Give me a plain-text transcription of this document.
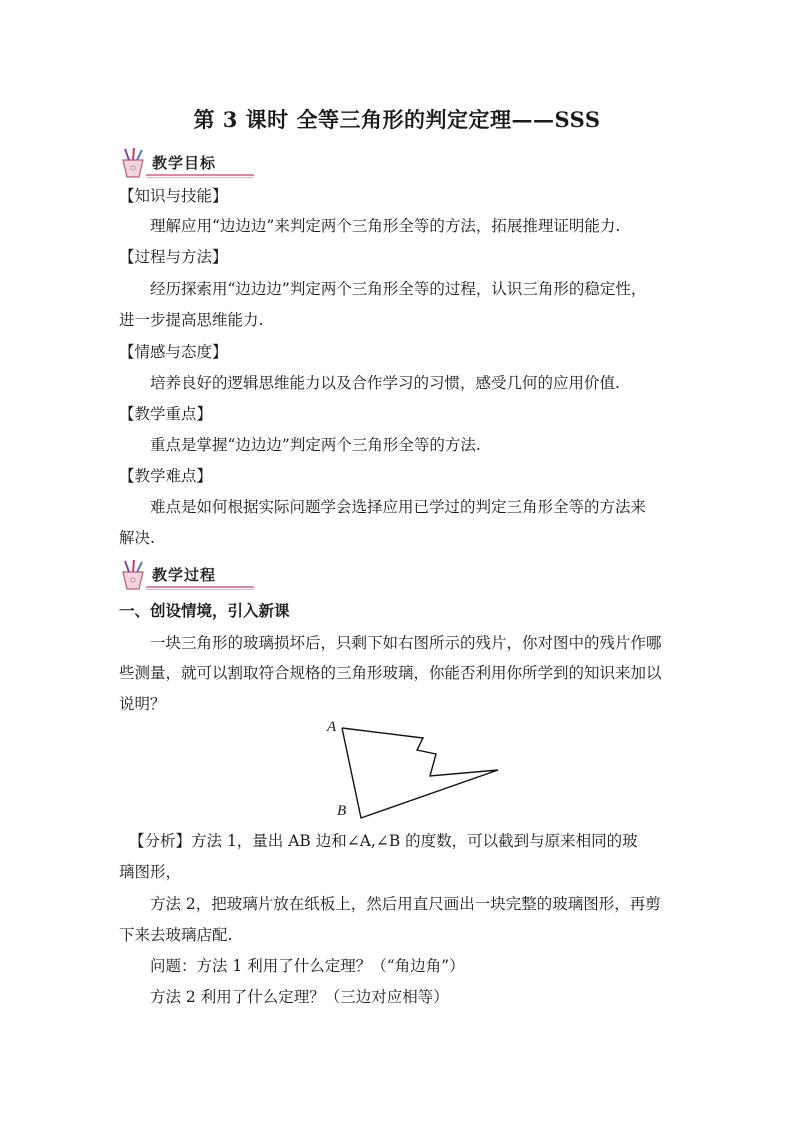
第 3 课时 全等三角形的判定定理——SSS
教学目标
【知识与技能】
理解应用“边边边”来判定两个三角形全等的方法，拓展推理证明能力.
【过程与方法】
经历探索用“边边边”判定两个三角形全等的过程，认识三角形的稳定性，
进一步提高思维能力.
【情感与态度】
培养良好的逻辑思维能力以及合作学习的习惯，感受几何的应用价值.
【教学重点】
重点是掌握“边边边”判定两个三角形全等的方法.
【教学难点】
难点是如何根据实际问题学会选择应用已学过的判定三角形全等的方法来
解决.
教学过程
一、创设情境，引入新课
一块三角形的玻璃损坏后，只剩下如右图所示的残片，你对图中的残片作哪
些测量，就可以割取符合规格的三角形玻璃，你能否利用你所学到的知识来加以
说明？
A
B
【分析】方法 1，量出 AB 边和∠A,∠B 的度数，可以截到与原来相同的玻
璃图形，
方法 2，把玻璃片放在纸板上，然后用直尺画出一块完整的玻璃图形，再剪
下来去玻璃店配.
问题：方法 1 利用了什么定理？（“角边角”）
方法 2 利用了什么定理？（三边对应相等）
